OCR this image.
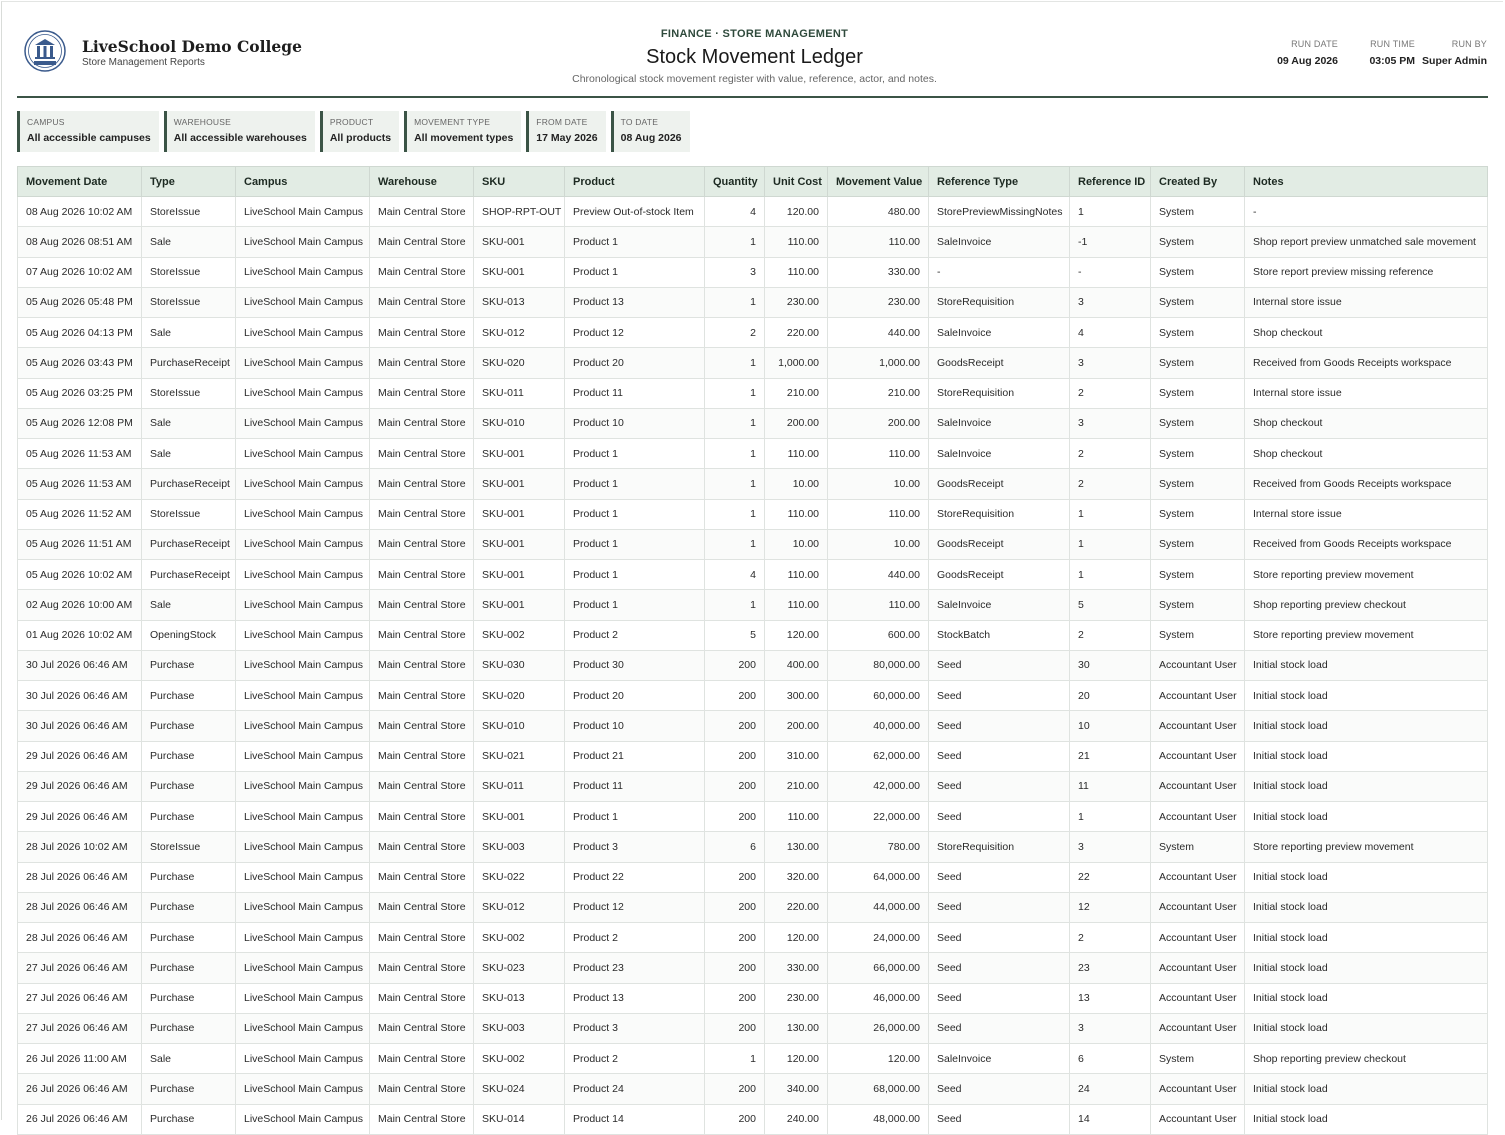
LiveSchool Demo College
Store Management Reports
FINANCE · STORE MANAGEMENT
Stock Movement Ledger
Chronological stock movement register with value, reference, actor, and notes.
RUN DATE
09 Aug 2026
RUN TIME
03:05 PM
RUN BY
Super Admin
CAMPUS
All accessible campuses
WAREHOUSE
All accessible warehouses
PRODUCT
All products
MOVEMENT TYPE
All movement types
FROM DATE
17 May 2026
TO DATE
08 Aug 2026
Movement Date	Type	Campus	Warehouse	SKU	Product	Quantity	Unit Cost	Movement Value	Reference Type	Reference ID	Created By	Notes
08 Aug 2026 10:02 AM	StoreIssue	LiveSchool Main Campus	Main Central Store	SHOP-RPT-OUT	Preview Out-of-stock Item	4	120.00	480.00	StorePreviewMissingNotes	1	System	-
08 Aug 2026 08:51 AM	Sale	LiveSchool Main Campus	Main Central Store	SKU-001	Product 1	1	110.00	110.00	SaleInvoice	-1	System	Shop report preview unmatched sale movement
07 Aug 2026 10:02 AM	StoreIssue	LiveSchool Main Campus	Main Central Store	SKU-001	Product 1	3	110.00	330.00	-	-	System	Store report preview missing reference
05 Aug 2026 05:48 PM	StoreIssue	LiveSchool Main Campus	Main Central Store	SKU-013	Product 13	1	230.00	230.00	StoreRequisition	3	System	Internal store issue
05 Aug 2026 04:13 PM	Sale	LiveSchool Main Campus	Main Central Store	SKU-012	Product 12	2	220.00	440.00	SaleInvoice	4	System	Shop checkout
05 Aug 2026 03:43 PM	PurchaseReceipt	LiveSchool Main Campus	Main Central Store	SKU-020	Product 20	1	1,000.00	1,000.00	GoodsReceipt	3	System	Received from Goods Receipts workspace
05 Aug 2026 03:25 PM	StoreIssue	LiveSchool Main Campus	Main Central Store	SKU-011	Product 11	1	210.00	210.00	StoreRequisition	2	System	Internal store issue
05 Aug 2026 12:08 PM	Sale	LiveSchool Main Campus	Main Central Store	SKU-010	Product 10	1	200.00	200.00	SaleInvoice	3	System	Shop checkout
05 Aug 2026 11:53 AM	Sale	LiveSchool Main Campus	Main Central Store	SKU-001	Product 1	1	110.00	110.00	SaleInvoice	2	System	Shop checkout
05 Aug 2026 11:53 AM	PurchaseReceipt	LiveSchool Main Campus	Main Central Store	SKU-001	Product 1	1	10.00	10.00	GoodsReceipt	2	System	Received from Goods Receipts workspace
05 Aug 2026 11:52 AM	StoreIssue	LiveSchool Main Campus	Main Central Store	SKU-001	Product 1	1	110.00	110.00	StoreRequisition	1	System	Internal store issue
05 Aug 2026 11:51 AM	PurchaseReceipt	LiveSchool Main Campus	Main Central Store	SKU-001	Product 1	1	10.00	10.00	GoodsReceipt	1	System	Received from Goods Receipts workspace
05 Aug 2026 10:02 AM	PurchaseReceipt	LiveSchool Main Campus	Main Central Store	SKU-001	Product 1	4	110.00	440.00	GoodsReceipt	1	System	Store reporting preview movement
02 Aug 2026 10:00 AM	Sale	LiveSchool Main Campus	Main Central Store	SKU-001	Product 1	1	110.00	110.00	SaleInvoice	5	System	Shop reporting preview checkout
01 Aug 2026 10:02 AM	OpeningStock	LiveSchool Main Campus	Main Central Store	SKU-002	Product 2	5	120.00	600.00	StockBatch	2	System	Store reporting preview movement
30 Jul 2026 06:46 AM	Purchase	LiveSchool Main Campus	Main Central Store	SKU-030	Product 30	200	400.00	80,000.00	Seed	30	Accountant User	Initial stock load
30 Jul 2026 06:46 AM	Purchase	LiveSchool Main Campus	Main Central Store	SKU-020	Product 20	200	300.00	60,000.00	Seed	20	Accountant User	Initial stock load
30 Jul 2026 06:46 AM	Purchase	LiveSchool Main Campus	Main Central Store	SKU-010	Product 10	200	200.00	40,000.00	Seed	10	Accountant User	Initial stock load
29 Jul 2026 06:46 AM	Purchase	LiveSchool Main Campus	Main Central Store	SKU-021	Product 21	200	310.00	62,000.00	Seed	21	Accountant User	Initial stock load
29 Jul 2026 06:46 AM	Purchase	LiveSchool Main Campus	Main Central Store	SKU-011	Product 11	200	210.00	42,000.00	Seed	11	Accountant User	Initial stock load
29 Jul 2026 06:46 AM	Purchase	LiveSchool Main Campus	Main Central Store	SKU-001	Product 1	200	110.00	22,000.00	Seed	1	Accountant User	Initial stock load
28 Jul 2026 10:02 AM	StoreIssue	LiveSchool Main Campus	Main Central Store	SKU-003	Product 3	6	130.00	780.00	StoreRequisition	3	System	Store reporting preview movement
28 Jul 2026 06:46 AM	Purchase	LiveSchool Main Campus	Main Central Store	SKU-022	Product 22	200	320.00	64,000.00	Seed	22	Accountant User	Initial stock load
28 Jul 2026 06:46 AM	Purchase	LiveSchool Main Campus	Main Central Store	SKU-012	Product 12	200	220.00	44,000.00	Seed	12	Accountant User	Initial stock load
28 Jul 2026 06:46 AM	Purchase	LiveSchool Main Campus	Main Central Store	SKU-002	Product 2	200	120.00	24,000.00	Seed	2	Accountant User	Initial stock load
27 Jul 2026 06:46 AM	Purchase	LiveSchool Main Campus	Main Central Store	SKU-023	Product 23	200	330.00	66,000.00	Seed	23	Accountant User	Initial stock load
27 Jul 2026 06:46 AM	Purchase	LiveSchool Main Campus	Main Central Store	SKU-013	Product 13	200	230.00	46,000.00	Seed	13	Accountant User	Initial stock load
27 Jul 2026 06:46 AM	Purchase	LiveSchool Main Campus	Main Central Store	SKU-003	Product 3	200	130.00	26,000.00	Seed	3	Accountant User	Initial stock load
26 Jul 2026 11:00 AM	Sale	LiveSchool Main Campus	Main Central Store	SKU-002	Product 2	1	120.00	120.00	SaleInvoice	6	System	Shop reporting preview checkout
26 Jul 2026 06:46 AM	Purchase	LiveSchool Main Campus	Main Central Store	SKU-024	Product 24	200	340.00	68,000.00	Seed	24	Accountant User	Initial stock load
26 Jul 2026 06:46 AM	Purchase	LiveSchool Main Campus	Main Central Store	SKU-014	Product 14	200	240.00	48,000.00	Seed	14	Accountant User	Initial stock load
